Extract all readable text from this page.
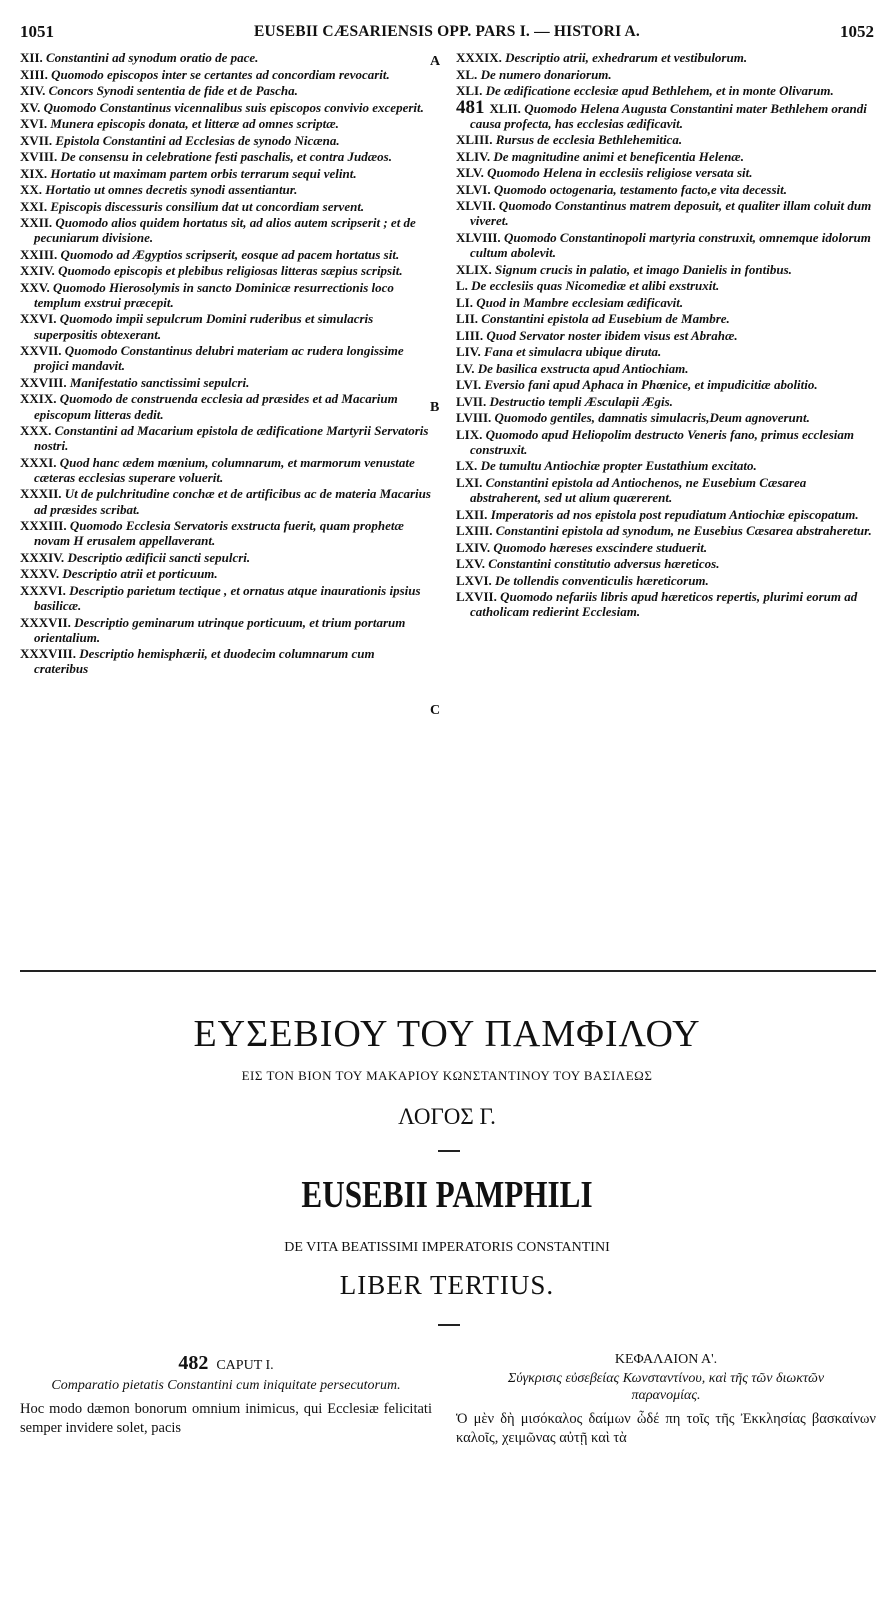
1051	EUSEBII CÆSARIENSIS OPP. PARS I. — HISTORI A.	1052
A
B
C

XII. Constantini ad synodum oratio de pace.

XIII. Quomodo episcopos inter se certantes ad concordiam revocarit.

XIV. Concors Synodi sententia de fide et de Pascha.

XV. Quomodo Constantinus vicennalibus suis episcopos convivio exceperit.

XVI. Munera episcopis donata, et litteræ ad omnes scriptæ.

XVII. Epistola Constantini ad Ecclesias de synodo Nicæna.

XVIII. De consensu in celebratione festi paschalis, et contra Judæos.

XIX. Hortatio ut maximam partem orbis terrarum sequi velint.

XX. Hortatio ut omnes decretis synodi assentiantur.

XXI. Episcopis discessuris consilium dat ut concordiam servent.

XXII. Quomodo alios quidem hortatus sit, ad alios autem scripserit ; et de pecuniarum divisione.

XXIII. Quomodo ad Ægyptios scripserit, eosque ad pacem hortatus sit.

XXIV. Quomodo episcopis et plebibus religiosas litteras sæpius scripsit.

XXV. Quomodo Hierosolymis in sancto Dominicæ resurrectionis loco templum exstrui præcepit.

XXVI. Quomodo impii sepulcrum Domini ruderibus et simulacris superpositis obtexerant.

XXVII. Quomodo Constantinus delubri materiam ac rudera longissime projici mandavit.

XXVIII. Manifestatio sanctissimi sepulcri.

XXIX. Quomodo de construenda ecclesia ad præsides et ad Macarium episcopum litteras dedit.

XXX. Constantini ad Macarium epistola de ædificatione Martyrii Servatoris nostri.

XXXI. Quod hanc ædem mœnium, columnarum, et marmorum venustate cæteras ecclesias superare voluerit.

XXXII. Ut de pulchritudine conchæ et de artificibus ac de materia Macarius ad præsides scribat.

XXXIII. Quomodo Ecclesia Servatoris exstructa fuerit, quam prophetæ novam H erusalem appellaverant.

XXXIV. Descriptio ædificii sancti sepulcri.

XXXV. Descriptio atrii et porticuum.

XXXVI. Descriptio parietum tectique , et ornatus atque inaurationis ipsius basilicæ.

XXXVII. Descriptio geminarum utrinque porticuum, et trium portarum orientalium.

XXXVIII. Descriptio hemisphærii, et duodecim columnarum cum crateribus

XXXIX. Descriptio atrii, exhedrarum et vestibulorum.

XL. De numero donariorum.

XLI. De ædificatione ecclesiæ apud Bethlehem, et in monte Olivarum.

481 XLII. Quomodo Helena Augusta Constantini mater Bethlehem orandi causa profecta, has ecclesias ædificavit.

XLIII. Rursus de ecclesia Bethlehemitica.

XLIV. De magnitudine animi et beneficentia Helenæ.

XLV. Quomodo Helena in ecclesiis religiose versata sit.

XLVI. Quomodo octogenaria, testamento facto,e vita decessit.

XLVII. Quomodo Constantinus matrem deposuit, et qualiter illam coluit dum viveret.

XLVIII. Quomodo Constantinopoli martyria construxit, omnemque idolorum cultum abolevit.

XLIX. Signum crucis in palatio, et imago Danielis in fontibus.

L. De ecclesiis quas Nicomediæ et alibi exstruxit.

LI. Quod in Mambre ecclesiam ædificavit.

LII. Constantini epistola ad Eusebium de Mambre.

LIII. Quod Servator noster ibidem visus est Abrahæ.

LIV. Fana et simulacra ubique diruta.

LV. De basilica exstructa apud Antiochiam.

LVI. Eversio fani apud Aphaca in Phœnice, et impudicitiæ abolitio.

LVII. Destructio templi Æsculapii Ægis.

LVIII. Quomodo gentiles, damnatis simulacris,Deum agnoverunt.

LIX. Quomodo apud Heliopolim destructo Veneris fano, primus ecclesiam construxit.

LX. De tumultu Antiochiæ propter Eustathium excitato.

LXI. Constantini epistola ad Antiochenos, ne Eusebium Cæsarea abstraherent, sed ut alium quærerent.

LXII. Imperatoris ad nos epistola post repudiatum Antiochiæ episcopatum.

LXIII. Constantini epistola ad synodum, ne Eusebius Cæsarea abstraheretur.

LXIV. Quomodo hæreses exscindere studuerit.

LXV. Constantini constitutio adversus hæreticos.

LXVI. De tollendis conventiculis hæreticorum.

LXVII. Quomodo nefariis libris apud hæreticos repertis, plurimi eorum ad catholicam redierint Ecclesiam.

ΕΥΣΕΒΙΟΥ ΤΟΥ ΠΑΜΦΙΛΟΥ
ΕΙΣ ΤΟΝ ΒΙΟΝ ΤΟΥ ΜΑΚΑΡΙΟΥ ΚΩΝΣΤΑΝΤΙΝΟΥ ΤΟΥ ΒΑΣΙΛΕΩΣ
ΛΟΓΟΣ Γ.
EUSEBII PAMPHILI
DE VITA BEATISSIMI IMPERATORIS CONSTANTINI
LIBER TERTIUS.
482 CAPUT I.
Comparatio pietatis Constantini cum iniquitate persecutorum.
Hoc modo dæmon bonorum omnium inimicus, qui Ecclesiæ felicitati semper invidere solet, pacis
ΚΕΦΑΛΑΙΟΝ Α'.
Σύγκρισις εὐσεβείας Κωνσταντίνου, καὶ τῆς τῶν διωκτῶν παρανομίας.
Ὁ μὲν δὴ μισόκαλος δαίμων ὧδέ πη τοῖς τῆς Ἐκκλησίας βασκαίνων καλοῖς, χειμῶνας αὐτῇ καὶ τὰ
